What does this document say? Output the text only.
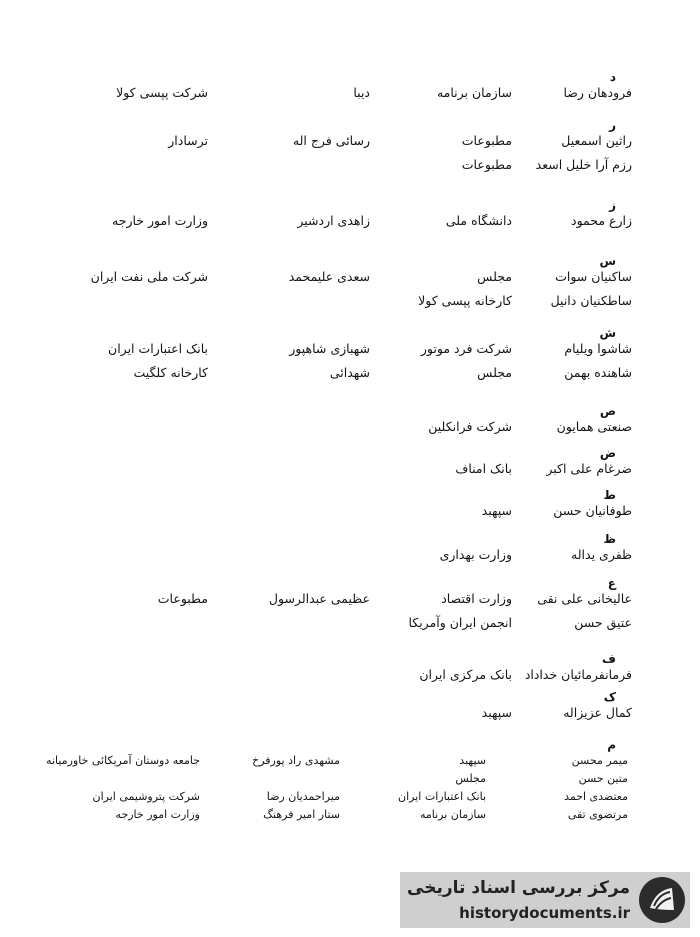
د
فرودهان رضا
سازمان برنامه
دیبا
شرکت پپسی کولا
ر
راثین اسمعیل
مطبوعات
رسائی فرج اله
ترسادار
رزم آرا خلیل اسعد
مطبوعات
ز
زارع محمود
دانشگاه ملی
زاهدی اردشیر
وزارت امور خارجه
س
ساکنیان سوات
مجلس
سعدی علیمحمد
شرکت ملی نفت ایران
ساطکنیان دانیل
کارخانه پپسی کولا
ش
شاشوا ویلیام
شرکت فرد موتور
شهبازی شاهپور
بانک اعتبارات ایران
شاهنده بهمن
مجلس
شهدائی
کارخانه کلگیت
ص
صنعتی همایون
شرکت فرانکلین
ض
ضرغام علی اکبر
بانک امناف
ط
طوفانیان حسن
سپهبد
ظ
ظفری یداله
وزارت بهداری
ع
عالیخانی علی نقی
وزارت اقتصاد
عظیمی عبدالرسول
مطبوعات
عتیق حسن
انجمن ایران وآمریکا
ف
فرمانفرمائیان خداداد
بانک مرکزی ایران
ک
کمال عزیزاله
سپهبد
م
میمر محسن
سپهبد
مشهدی راد پورفرخ
جامعه دوستان آمریکائی خاورمیانه
متین حسن
مجلس
معتضدی احمد
بانک اعتبارات ایران
میراحمدیان رضا
شرکت پتروشیمی ایران
مرتضوی تقی
سازمان برنامه
ستار امیر فرهنگ
وزارت امور خارجه
مرکز بررسی اسناد تاریخی
historydocuments.ir
